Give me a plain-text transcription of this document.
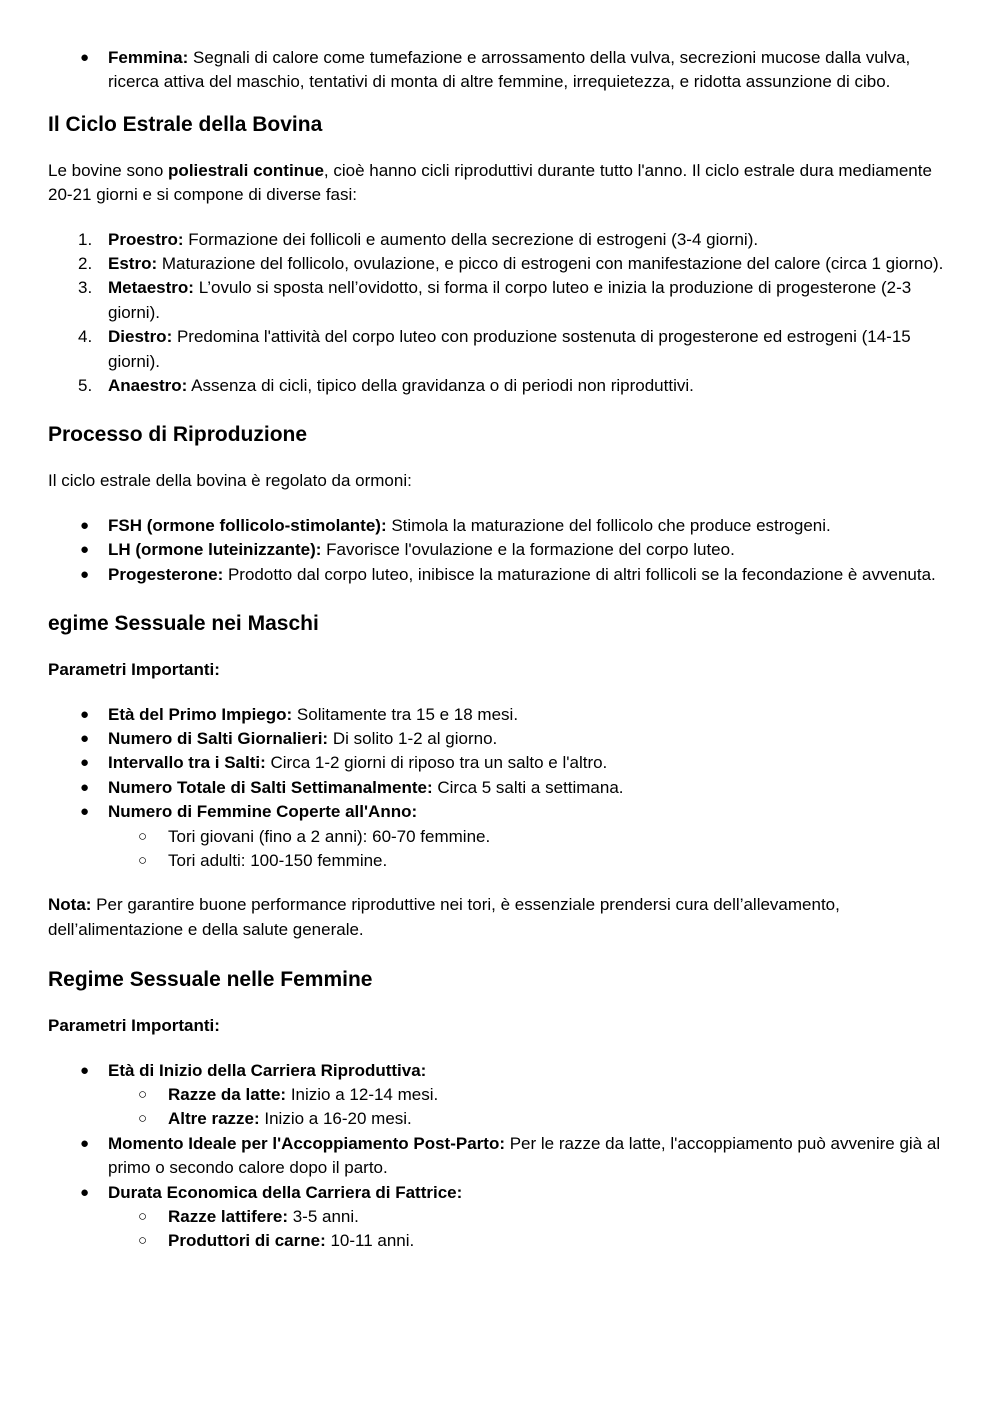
● Femmina: Segnali di calore come tumefazione e arrossamento della vulva, secrezioni mucose dalla vulva, ricerca attiva del maschio, tentativi di monta di altre femmine, irrequietezza, e ridotta assunzione di cibo.
Il Ciclo Estrale della Bovina

Le bovine sono poliestrali continue, cioè hanno cicli riproduttivi durante tutto l'anno. Il ciclo estrale dura mediamente 20-21 giorni e si compone di diverse fasi:

1. Proestro: Formazione dei follicoli e aumento della secrezione di estrogeni (3-4 giorni).
2. Estro: Maturazione del follicolo, ovulazione, e picco di estrogeni con manifestazione del calore (circa 1 giorno).
3. Metaestro: L’ovulo si sposta nell’ovidotto, si forma il corpo luteo e inizia la produzione di progesterone (2-3 giorni).
4. Diestro: Predomina l'attività del corpo luteo con produzione sostenuta di progesterone ed estrogeni (14-15 giorni).
5. Anaestro: Assenza di cicli, tipico della gravidanza o di periodi non riproduttivi.
Processo di Riproduzione

Il ciclo estrale della bovina è regolato da ormoni:

● FSH (ormone follicolo-stimolante): Stimola la maturazione del follicolo che produce estrogeni.
● LH (ormone luteinizzante): Favorisce l'ovulazione e la formazione del corpo luteo.
● Progesterone: Prodotto dal corpo luteo, inibisce la maturazione di altri follicoli se la fecondazione è avvenuta.
egime Sessuale nei Maschi

Parametri Importanti:

● Età del Primo Impiego: Solitamente tra 15 e 18 mesi.
● Numero di Salti Giornalieri: Di solito 1-2 al giorno.
● Intervallo tra i Salti: Circa 1-2 giorni di riposo tra un salto e l'altro.
● Numero Totale di Salti Settimanalmente: Circa 5 salti a settimana.
● Numero di Femmine Coperte all'Anno:
○ Tori giovani (fino a 2 anni): 60-70 femmine.
○ Tori adulti: 100-150 femmine.

Nota: Per garantire buone performance riproduttive nei tori, è essenziale prendersi cura dell’allevamento, dell’alimentazione e della salute generale.

Regime Sessuale nelle Femmine

Parametri Importanti:

● Età di Inizio della Carriera Riproduttiva:
○ Razze da latte: Inizio a 12-14 mesi.
○ Altre razze: Inizio a 16-20 mesi.
● Momento Ideale per l'Accoppiamento Post-Parto: Per le razze da latte, l'accoppiamento può avvenire già al primo o secondo calore dopo il parto.
● Durata Economica della Carriera di Fattrice:
○ Razze lattifere: 3-5 anni.
○ Produttori di carne: 10-11 anni.
